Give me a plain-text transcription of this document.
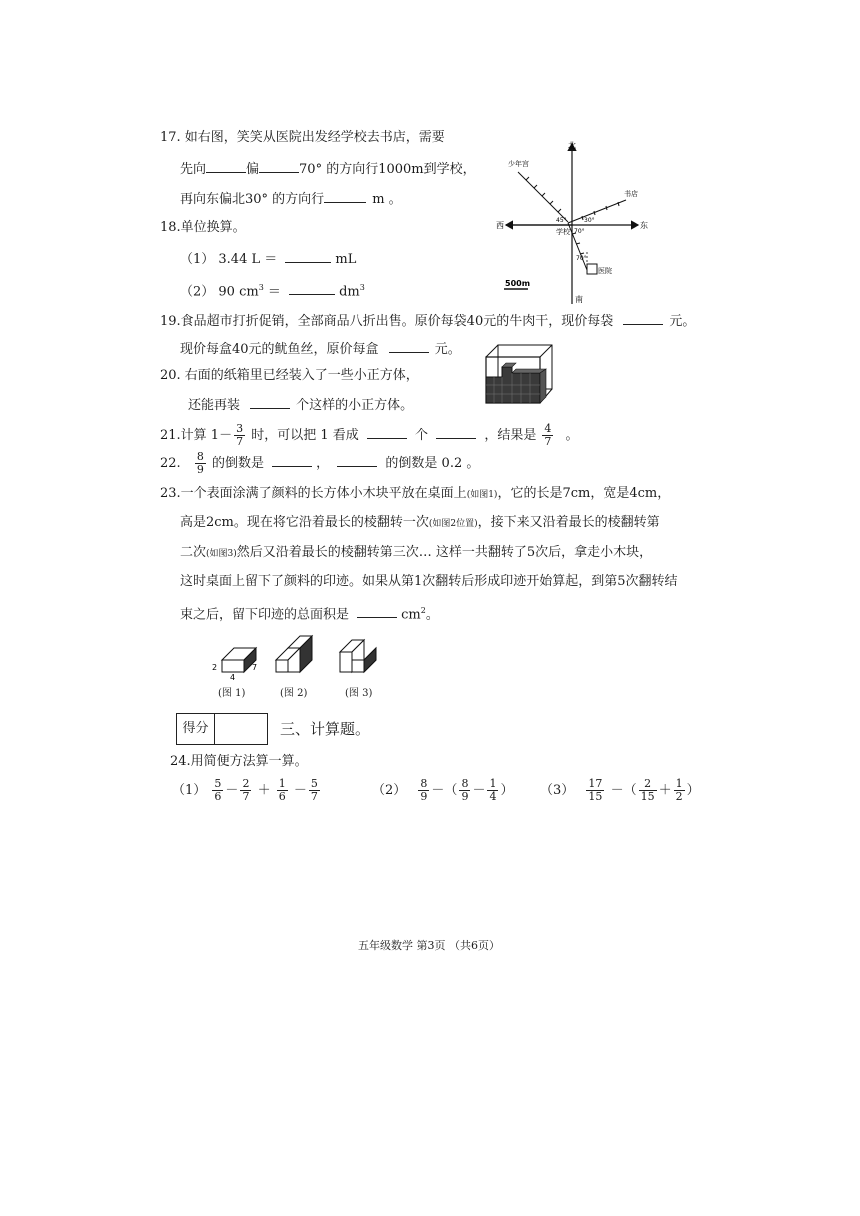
17. 如右图，笑笑从医院出发经学校去书店，需要
先向	偏	70° 的方向行1000m到学校，
再向东偏北30° 的方向行	m 。
500m
北
南
东
西
少年宫
书店
学校
医院
45°	30°
70°
70°
18.单位换算。
（1） 3.44 L ＝	mL
（2） 90 $cm^3$ ＝	$dm^3$
19.食品超市打折促销，全部商品八折出售。原价每袋40元的牛肉干，现价每袋	元。
现价每盒40元的鱿鱼丝，原价每盒	元。
20. 右面的纸箱里已经装入了一些小正方体，
还能再装	个这样的小正方体。
21.计算 $1- \frac{3}{7}$ 时，可以把 1 看成	个	，结果是 $\frac{4}{7}$ 。
22. $\frac{8}{9}$ 的倒数是	，	的倒数是 0.2 。
23.一个表面涂满了颜料的长方体小木块平放在桌面上(如图1)，它的长是7cm，宽是4cm，
高是2cm。现在将它沿着最长的棱翻转一次(如图2位置)，接下来又沿着最长的棱翻转第
二次(如图3)然后又沿着最长的棱翻转第三次… 这样一共翻转了5次后，拿走小木块，
这时桌面上留下了颜料的印迹。如果从第1次翻转后形成印迹开始算起，到第5次翻转结
束之后，留下印迹的总面积是	$cm^2$。
2	7
4
(图 1)	(图 2)	(图 3)
得分	三、计算题。
24.用简便方法算一算。
$(1) \frac{5}{6} - \frac{2}{7} + \frac{1}{6} - \frac{5}{7}$	$(2) \frac{8}{9}$ －（ $\frac{8}{9} - \frac{1}{4}$ ） $(3) \frac{17}{15}$ －（ $\frac{2}{15} + \frac{1}{2}$ ）
五年级数学 第3页 （共6页）
